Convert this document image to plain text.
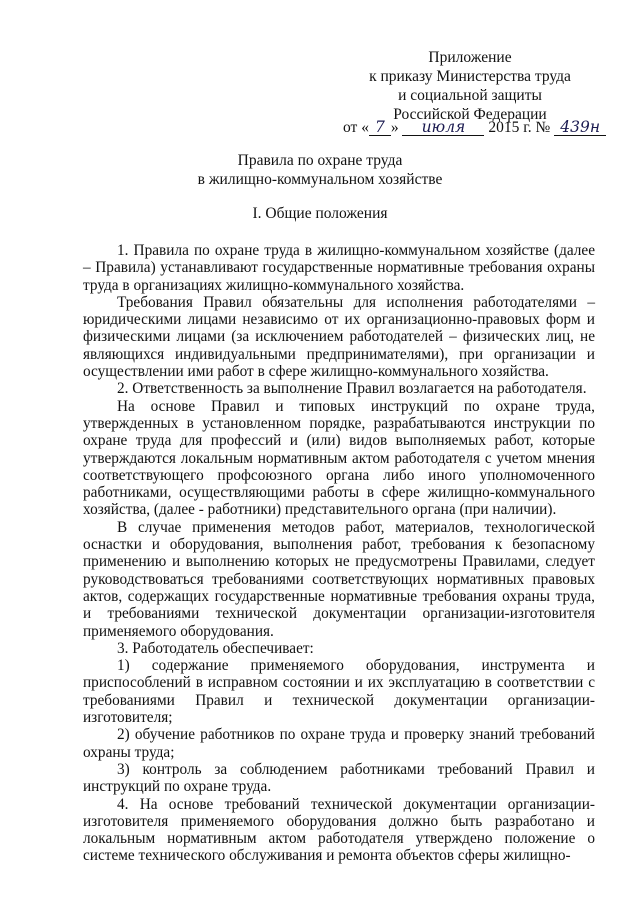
Приложение
к приказу Министерства труда
и социальной защиты
Российской Федерации
от « 7 » июля 2015 г. № 439н
Правила по охране труда
в жилищно-коммунальном хозяйстве
I. Общие положения

1. Правила по охране труда в жилищно-коммунальном хозяйстве (далее – Правила) устанавливают государственные нормативные требования охраны труда в организациях жилищно-коммунального хозяйства.

Требования Правил обязательны для исполнения работодателями – юридическими лицами независимо от их организационно-правовых форм и физическими лицами (за исключением работодателей – физических лиц, не являющихся индивидуальными предпринимателями), при организации и осуществлении ими работ в сфере жилищно-коммунального хозяйства.

2. Ответственность за выполнение Правил возлагается на работодателя.

На основе Правил и типовых инструкций по охране труда, утвержденных в установленном порядке, разрабатываются инструкции по охране труда для профессий и (или) видов выполняемых работ, которые утверждаются локальным нормативным актом работодателя с учетом мнения соответствующего профсоюзного органа либо иного уполномоченного работниками, осуществляющими работы в сфере жилищно-коммунального хозяйства, (далее - работники) представительного органа (при наличии).

В случае применения методов работ, материалов, технологической оснастки и оборудования, выполнения работ, требования к безопасному применению и выполнению которых не предусмотрены Правилами, следует руководствоваться требованиями соответствующих нормативных правовых актов, содержащих государственные нормативные требования охраны труда, и требованиями технической документации организации-изготовителя применяемого оборудования.

3. Работодатель обеспечивает:

1) содержание применяемого оборудования, инструмента и приспособлений в исправном состоянии и их эксплуатацию в соответствии с требованиями Правил и технической документации организации-изготовителя;

2) обучение работников по охране труда и проверку знаний требований охраны труда;

3) контроль за соблюдением работниками требований Правил и инструкций по охране труда.

4. На основе требований технической документации организации-изготовителя применяемого оборудования должно быть разработано и локальным нормативным актом работодателя утверждено положение о системе технического обслуживания и ремонта объектов сферы жилищно-
